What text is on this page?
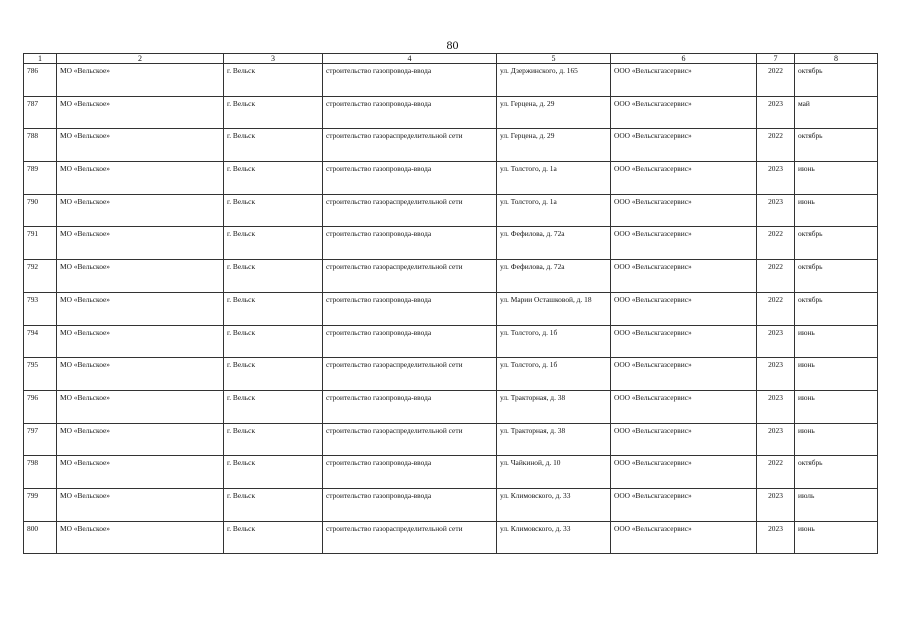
80
1	2	3	4	5	6	7	8
786	МО «Вельское»	г. Вельск	строительство газопровода-ввода	ул. Дзержинского, д. 165	ООО «Вельскгазсервис»	2022	октябрь
787	МО «Вельское»	г. Вельск	строительство газопровода-ввода	ул. Герцена, д. 29	ООО «Вельскгазсервис»	2023	май
788	МО «Вельское»	г. Вельск	строительство газораспределительной сети	ул. Герцена, д. 29	ООО «Вельскгазсервис»	2022	октябрь
789	МО «Вельское»	г. Вельск	строительство газопровода-ввода	ул. Толстого, д. 1а	ООО «Вельскгазсервис»	2023	июнь
790	МО «Вельское»	г. Вельск	строительство газораспределительной сети	ул. Толстого, д. 1а	ООО «Вельскгазсервис»	2023	июнь
791	МО «Вельское»	г. Вельск	строительство газопровода-ввода	ул. Фефилова, д. 72а	ООО «Вельскгазсервис»	2022	октябрь
792	МО «Вельское»	г. Вельск	строительство газораспределительной сети	ул. Фефилова, д. 72а	ООО «Вельскгазсервис»	2022	октябрь
793	МО «Вельское»	г. Вельск	строительство газопровода-ввода	ул. Марии Осташковой, д. 18	ООО «Вельскгазсервис»	2022	октябрь
794	МО «Вельское»	г. Вельск	строительство газопровода-ввода	ул. Толстого, д. 1б	ООО «Вельскгазсервис»	2023	июнь
795	МО «Вельское»	г. Вельск	строительство газораспределительной сети	ул. Толстого, д. 1б	ООО «Вельскгазсервис»	2023	июнь
796	МО «Вельское»	г. Вельск	строительство газопровода-ввода	ул. Тракторная, д. 38	ООО «Вельскгазсервис»	2023	июнь
797	МО «Вельское»	г. Вельск	строительство газораспределительной сети	ул. Тракторная, д. 38	ООО «Вельскгазсервис»	2023	июнь
798	МО «Вельское»	г. Вельск	строительство газопровода-ввода	ул. Чайкиной, д. 10	ООО «Вельскгазсервис»	2022	октябрь
799	МО «Вельское»	г. Вельск	строительство газопровода-ввода	ул. Климовского, д. 33	ООО «Вельскгазсервис»	2023	июль
800	МО «Вельское»	г. Вельск	строительство газораспределительной сети	ул. Климовского, д. 33	ООО «Вельскгазсервис»	2023	июнь
